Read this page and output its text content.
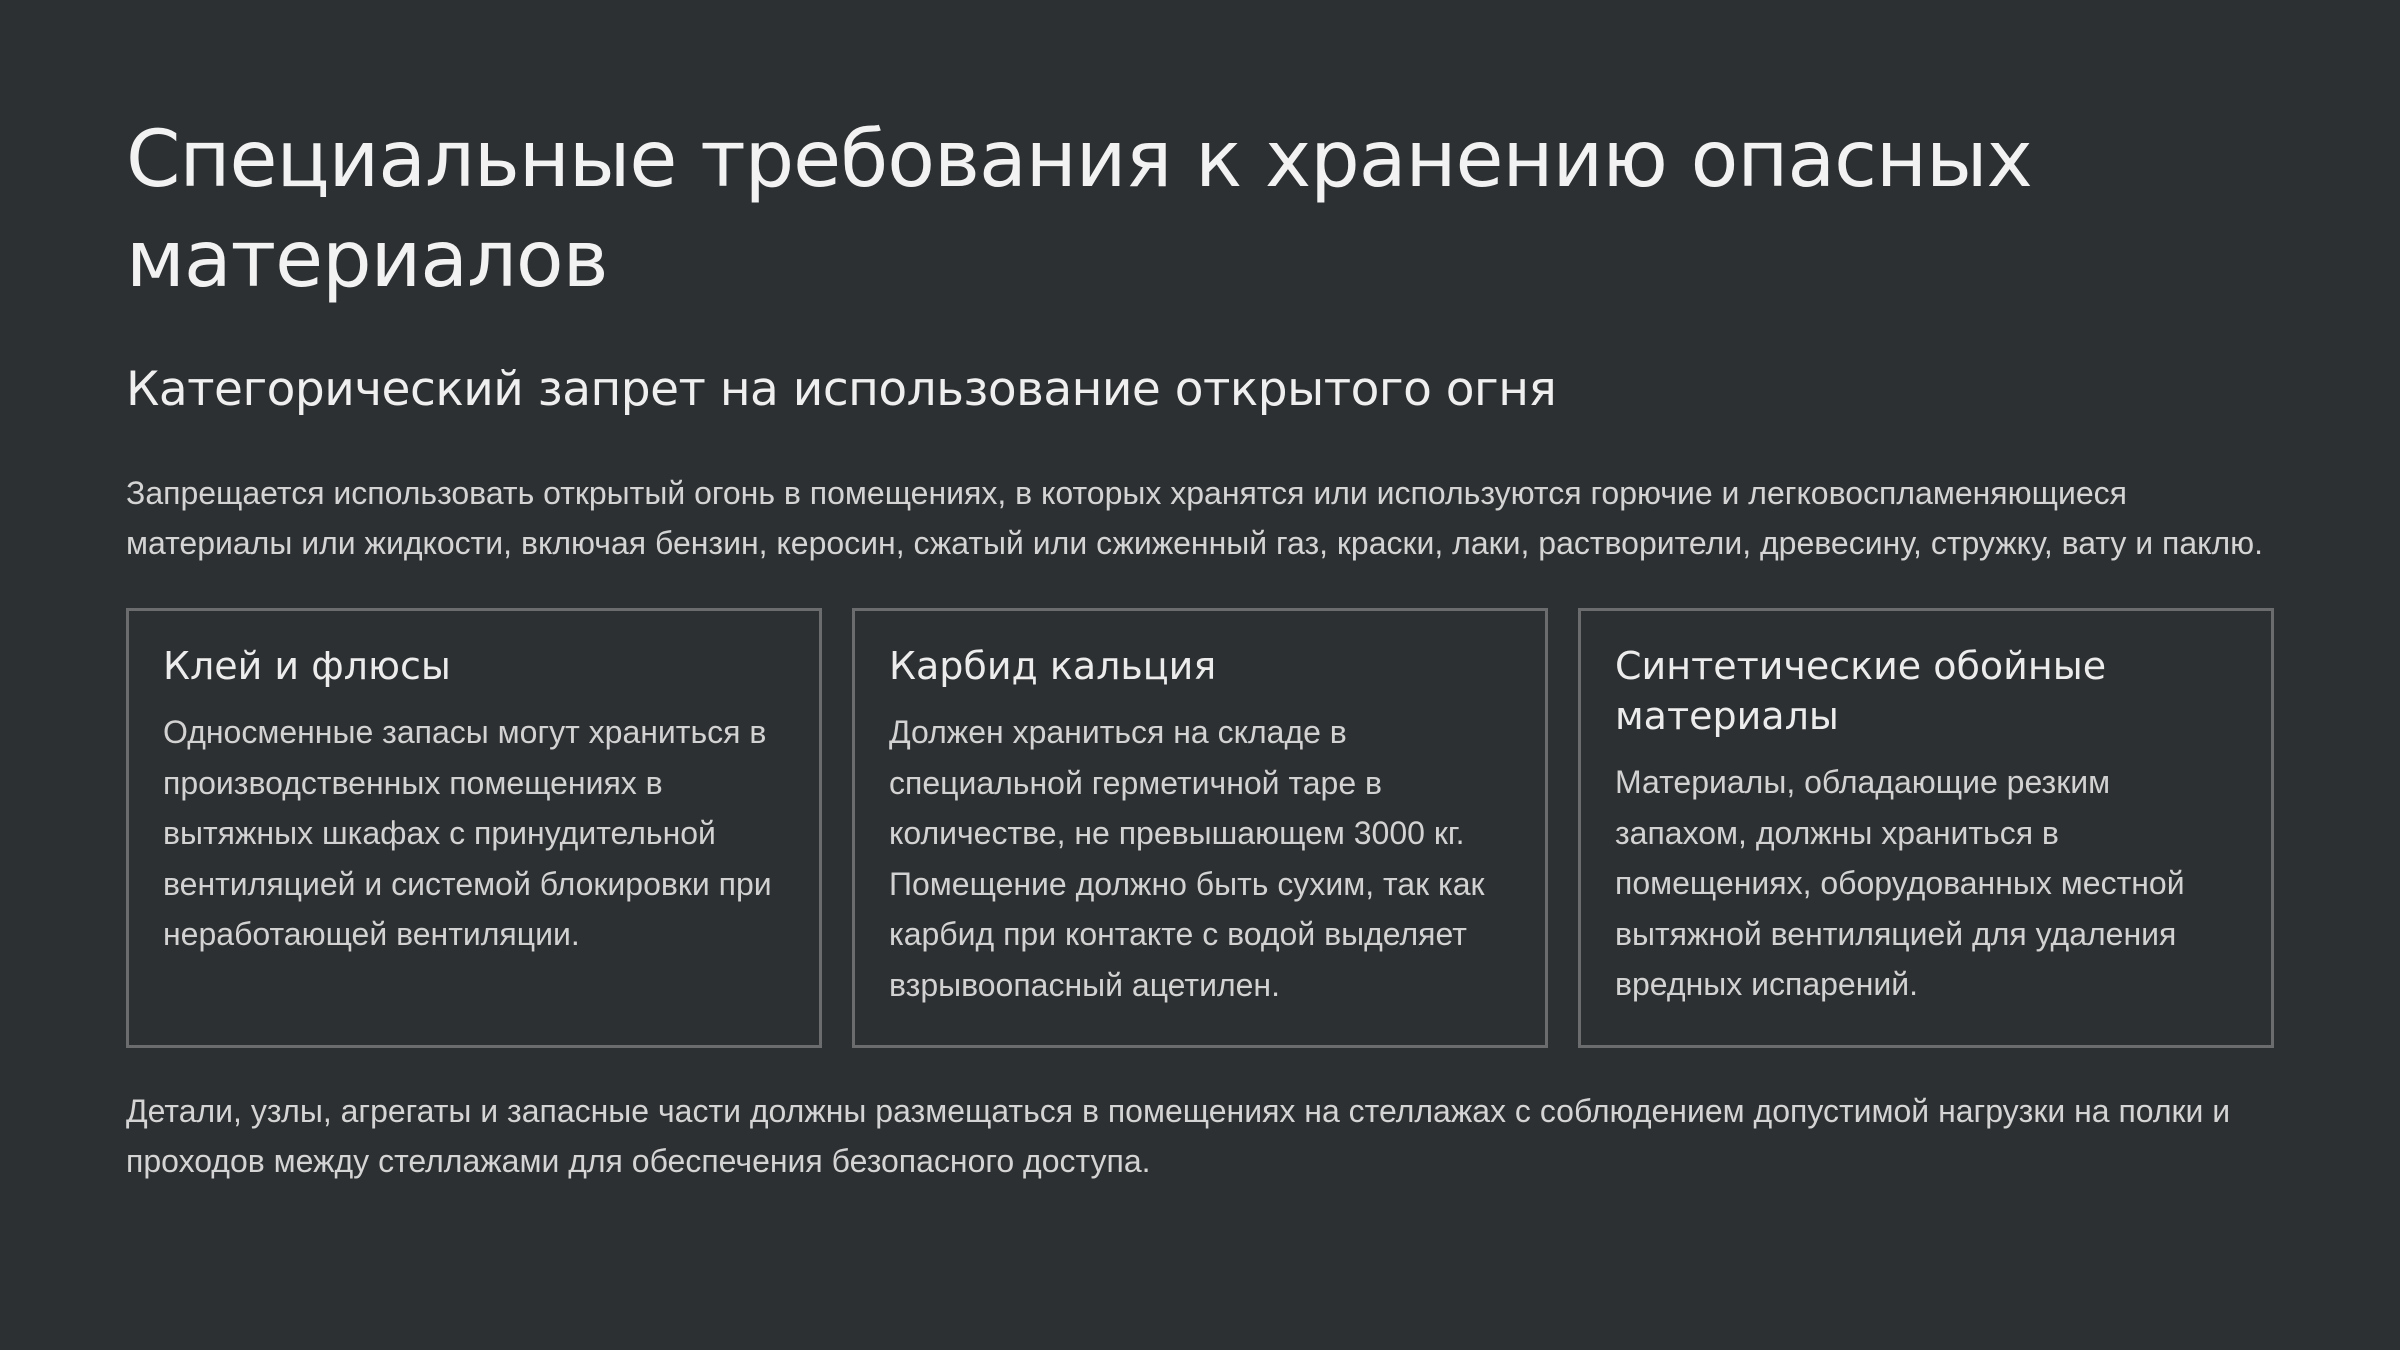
Специальные требования к хранению опасных материалов
Категорический запрет на использование открытого огня

Запрещается использовать открытый огонь в помещениях, в которых хранятся или используются горючие и легковоспламеняющиеся материалы или жидкости, включая бензин, керосин, сжатый или сжиженный газ, краски, лаки, растворители, древесину, стружку, вату и паклю.

Клей и флюсы

Односменные запасы могут храниться в производственных помещениях в вытяжных шкафах с принудительной вентиляцией и системой блокировки при неработающей вентиляции.

Карбид кальция

Должен храниться на складе в специальной герметичной таре в количестве, не превышающем 3000 кг. Помещение должно быть сухим, так как карбид при контакте с водой выделяет взрывоопасный ацетилен.

Синтетические обойные материалы

Материалы, обладающие резким запахом, должны храниться в помещениях, оборудованных местной вытяжной вентиляцией для удаления вредных испарений.

Детали, узлы, агрегаты и запасные части должны размещаться в помещениях на стеллажах с соблюдением допустимой нагрузки на полки и проходов между стеллажами для обеспечения безопасного доступа.
